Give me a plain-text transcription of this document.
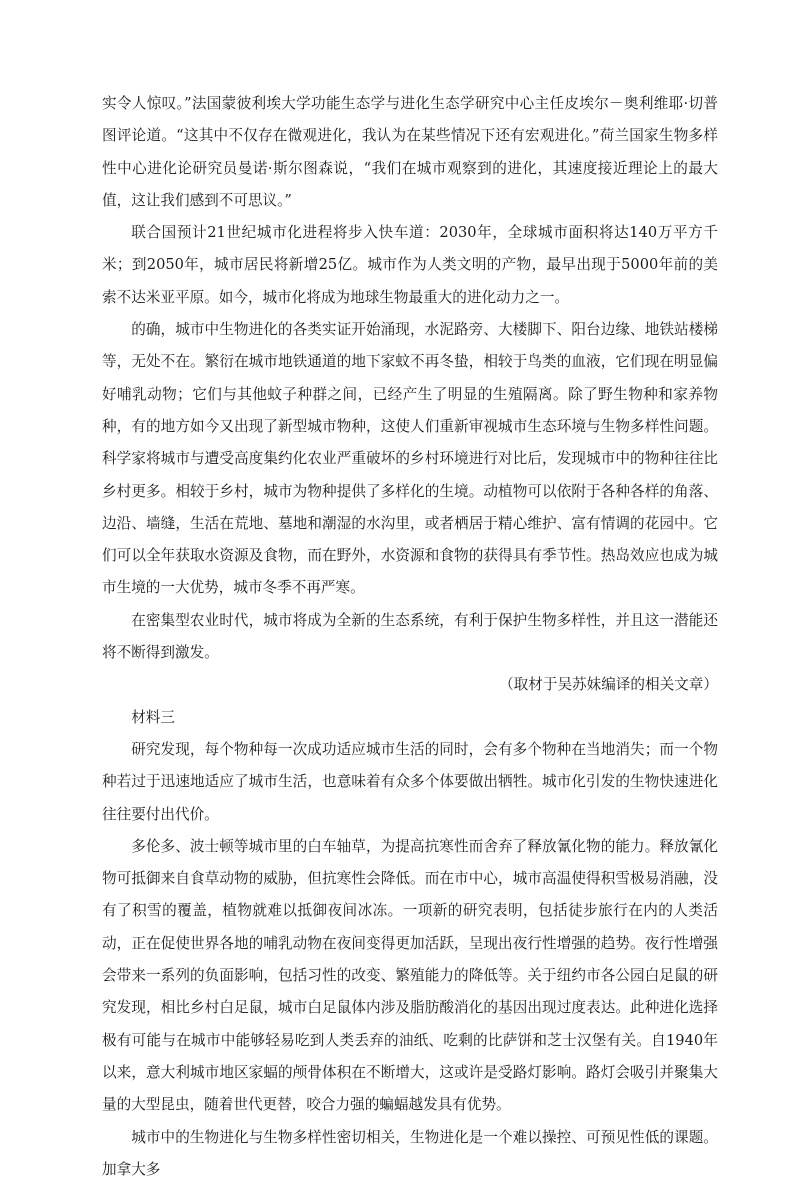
实令人惊叹。”法国蒙彼利埃大学功能生态学与进化生态学研究中心主任皮埃尔－奥利维耶·切普图评论道。“这其中不仅存在微观进化，我认为在某些情况下还有宏观进化。”荷兰国家生物多样性中心进化论研究员曼诺·斯尔图森说，“我们在城市观察到的进化，其速度接近理论上的最大值，这让我们感到不可思议。”

联合国预计21世纪城市化进程将步入快车道：2030年，全球城市面积将达140万平方千米；到2050年，城市居民将新增25亿。城市作为人类文明的产物，最早出现于5000年前的美索不达米亚平原。如今，城市化将成为地球生物最重大的进化动力之一。

的确，城市中生物进化的各类实证开始涌现，水泥路旁、大楼脚下、阳台边缘、地铁站楼梯等，无处不在。繁衍在城市地铁通道的地下家蚊不再冬蛰，相较于鸟类的血液，它们现在明显偏好哺乳动物；它们与其他蚊子种群之间，已经产生了明显的生殖隔离。除了野生物种和家养物种，有的地方如今又出现了新型城市物种，这使人们重新审视城市生态环境与生物多样性问题。科学家将城市与遭受高度集约化农业严重破坏的乡村环境进行对比后，发现城市中的物种往往比乡村更多。相较于乡村，城市为物种提供了多样化的生境。动植物可以依附于各种各样的角落、边沿、墙缝，生活在荒地、墓地和潮湿的水沟里，或者栖居于精心维护、富有情调的花园中。它们可以全年获取水资源及食物，而在野外，水资源和食物的获得具有季节性。热岛效应也成为城市生境的一大优势，城市冬季不再严寒。

在密集型农业时代，城市将成为全新的生态系统，有利于保护生物多样性，并且这一潜能还将不断得到激发。

（取材于吴苏妹编译的相关文章）

材料三

研究发现，每个物种每一次成功适应城市生活的同时，会有多个物种在当地消失；而一个物种若过于迅速地适应了城市生活，也意味着有众多个体要做出牺牲。城市化引发的生物快速进化往往要付出代价。

多伦多、波士顿等城市里的白车轴草，为提高抗寒性而舍弃了释放氰化物的能力。释放氰化物可抵御来自食草动物的威胁，但抗寒性会降低。而在市中心，城市高温使得积雪极易消融，没有了积雪的覆盖，植物就难以抵御夜间冰冻。一项新的研究表明，包括徒步旅行在内的人类活动，正在促使世界各地的哺乳动物在夜间变得更加活跃，呈现出夜行性增强的趋势。夜行性增强会带来一系列的负面影响，包括习性的改变、繁殖能力的降低等。关于纽约市各公园白足鼠的研究发现，相比乡村白足鼠，城市白足鼠体内涉及脂肪酸消化的基因出现过度表达。此种进化选择极有可能与在城市中能够轻易吃到人类丢弃的油纸、吃剩的比萨饼和芝士汉堡有关。自1940年以来，意大利城市地区家蝠的颅骨体积在不断增大，这或许是受路灯影响。路灯会吸引并聚集大量的大型昆虫，随着世代更替，咬合力强的蝙蝠越发具有优势。

城市中的生物进化与生物多样性密切相关，生物进化是一个难以操控、可预见性低的课题。加拿大多
